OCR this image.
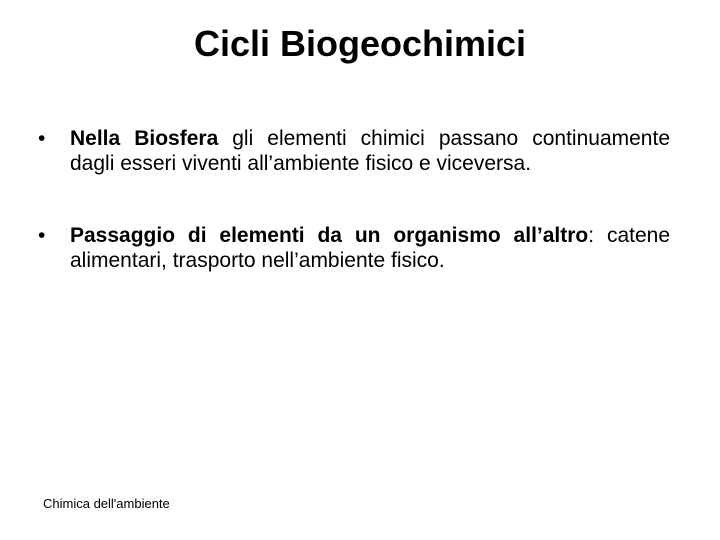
Cicli Biogeochimici
• Nella Biosfera gli elementi chimici passano continuamente dagli esseri viventi all’ambiente fisico e viceversa.
• Passaggio di elementi da un organismo all’altro: catene alimentari, trasporto nell’ambiente fisico.
Chimica dell'ambiente
